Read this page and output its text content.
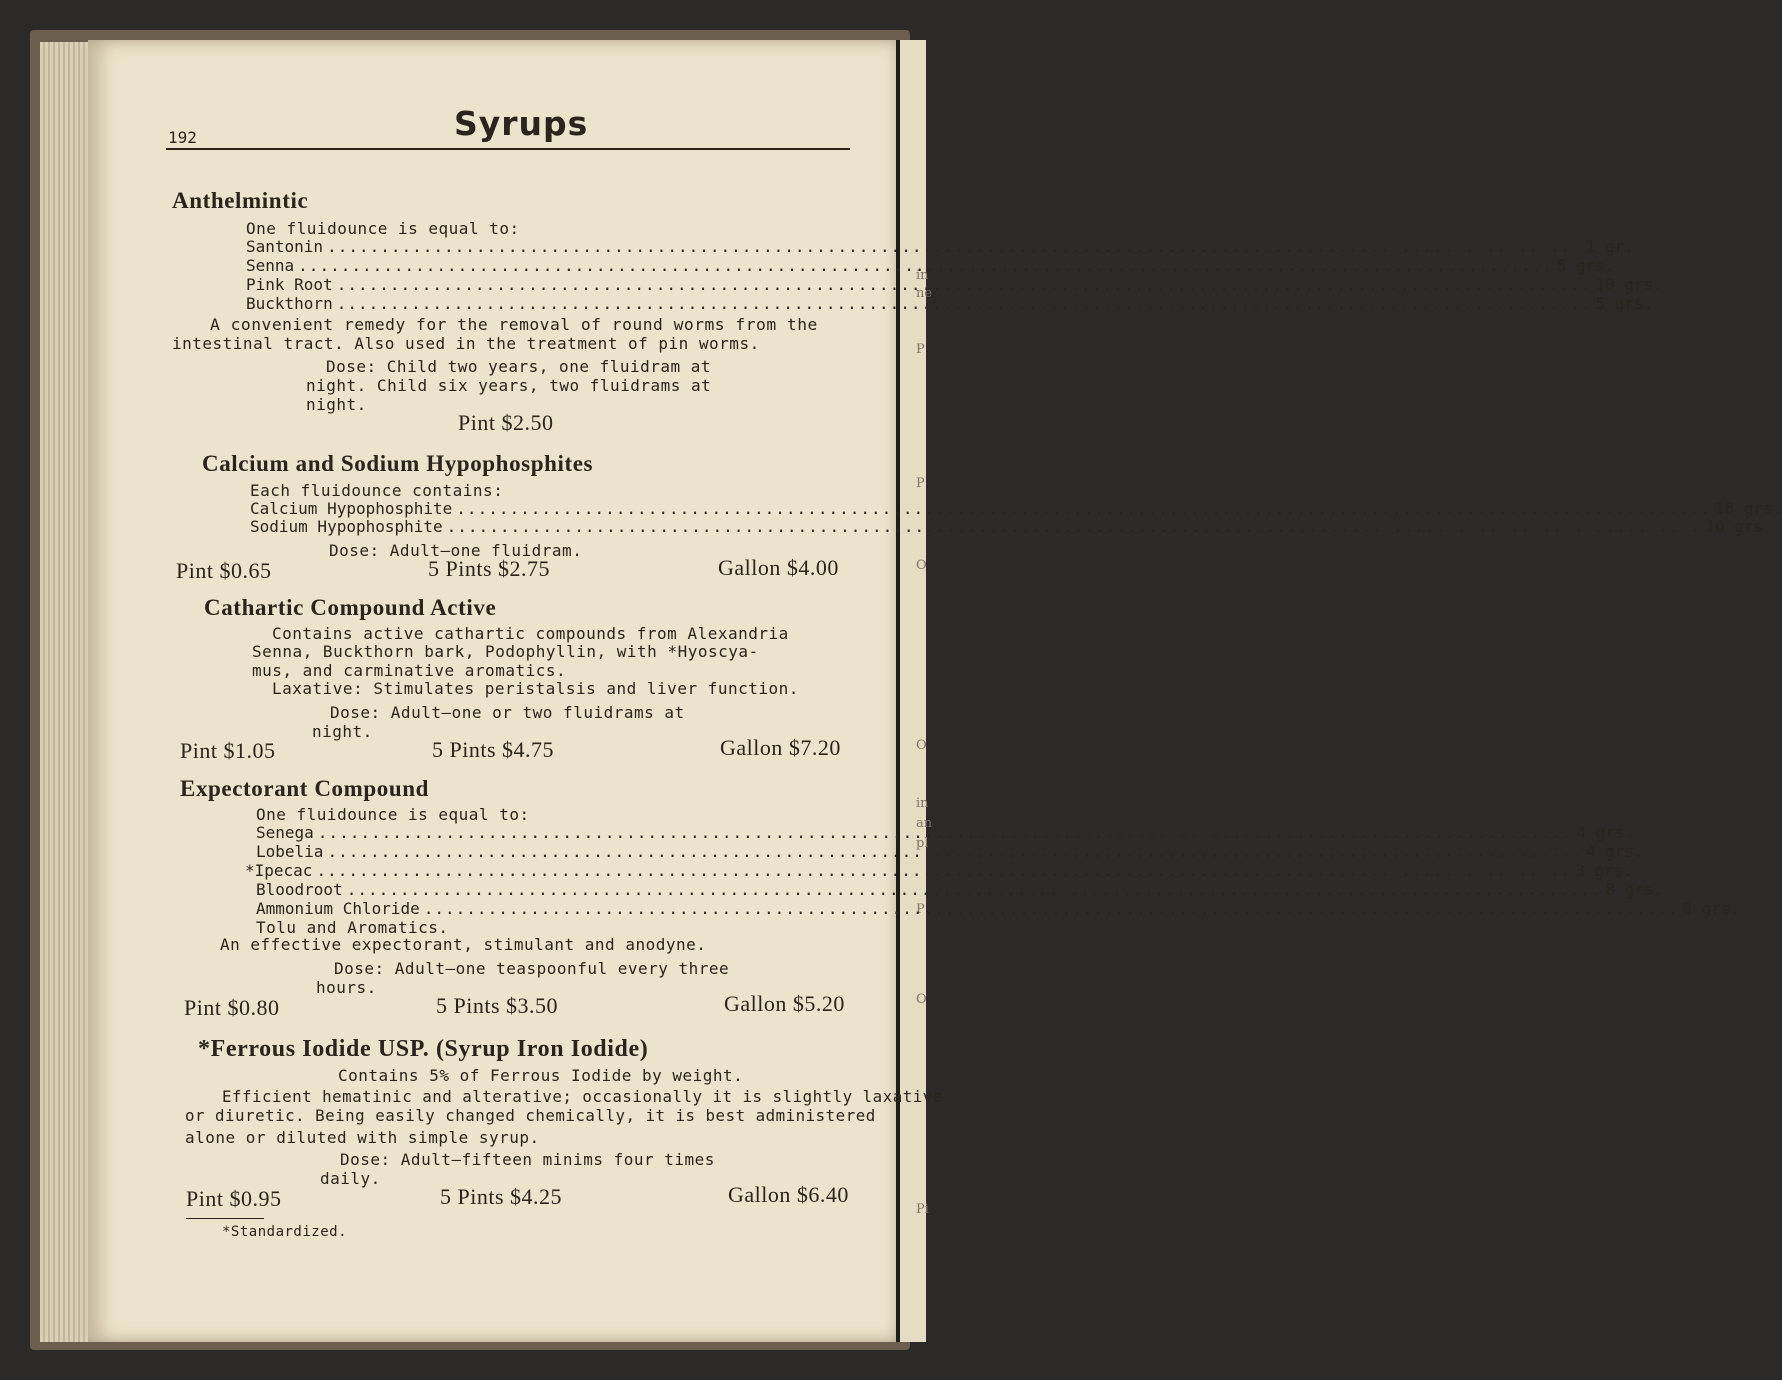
in
ne
P
P
O
O
in
an
pl
P
O
Pi
192	Syrups
Anthelmintic
One fluidounce is equal to:
Santonin .....	1 gr.
Senna .....	5 grs.
Pink Root .....	10 grs.
Buckthorn .....	5 grs.
A convenient remedy for the removal of round worms from the
intestinal tract. Also used in the treatment of pin worms.
Dose: Child two years, one fluidram at
night. Child six years, two fluidrams at
night.
Pint $2.50
Calcium and Sodium Hypophosphites
Each fluidounce contains:
Calcium Hypophosphite .....	16 grs.
Sodium Hypophosphite .....	16 grs.
Dose: Adult—one fluidram.
Pint $0.65	5 Pints $2.75	Gallon $4.00
Cathartic Compound Active
Contains active cathartic compounds from Alexandria
Senna, Buckthorn bark, Podophyllin, with *Hyoscya-
mus, and carminative aromatics.
Laxative: Stimulates peristalsis and liver function.
Dose: Adult—one or two fluidrams at
night.
Pint $1.05	5 Pints $4.75	Gallon $7.20
Expectorant Compound
One fluidounce is equal to:
Senega .....	4 grs.
Lobelia .....	4 grs.
*Ipecac .....	3 grs.
Bloodroot .....	8 grs.
Ammonium Chloride .....	8 grs.
Tolu and Aromatics.
An effective expectorant, stimulant and anodyne.
Dose: Adult—one teaspoonful every three
hours.
Pint $0.80	5 Pints $3.50	Gallon $5.20
*Ferrous Iodide USP. (Syrup Iron Iodide)
Contains 5% of Ferrous Iodide by weight.
Efficient hematinic and alterative; occasionally it is slightly laxative
or diuretic. Being easily changed chemically, it is best administered
alone or diluted with simple syrup.
Dose: Adult—fifteen minims four times
daily.
Pint $0.95	5 Pints $4.25	Gallon $6.40
*Standardized.
